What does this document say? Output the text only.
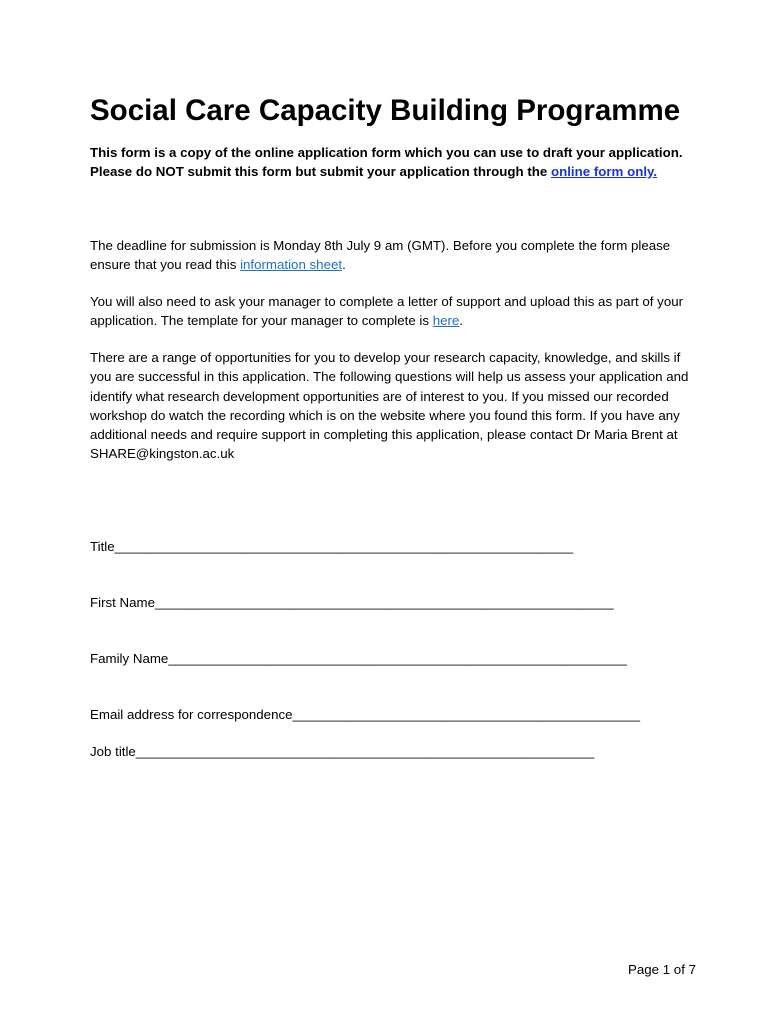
Social Care Capacity Building Programme

This form is a copy of the online application form which you can use to draft your application. Please do NOT submit this form but submit your application through the online form only.

The deadline for submission is Monday 8th July 9 am (GMT). Before you complete the form please ensure that you read this information sheet.

You will also need to ask your manager to complete a letter of support and upload this as part of your application. The template for your manager to complete is here.

There are a range of opportunities for you to develop your research capacity, knowledge, and skills if you are successful in this application. The following questions will help us assess your application and identify what research development opportunities are of interest to you. If you missed our recorded workshop do watch the recording which is on the website where you found this form. If you have any additional needs and require support in completing this application, please contact Dr Maria Brent at SHARE@kingston.ac.uk

Title______________________________________________________________

First Name______________________________________________________________

Family Name______________________________________________________________

Email address for correspondence_______________________________________________

Job title______________________________________________________________

Page 1 of 7
